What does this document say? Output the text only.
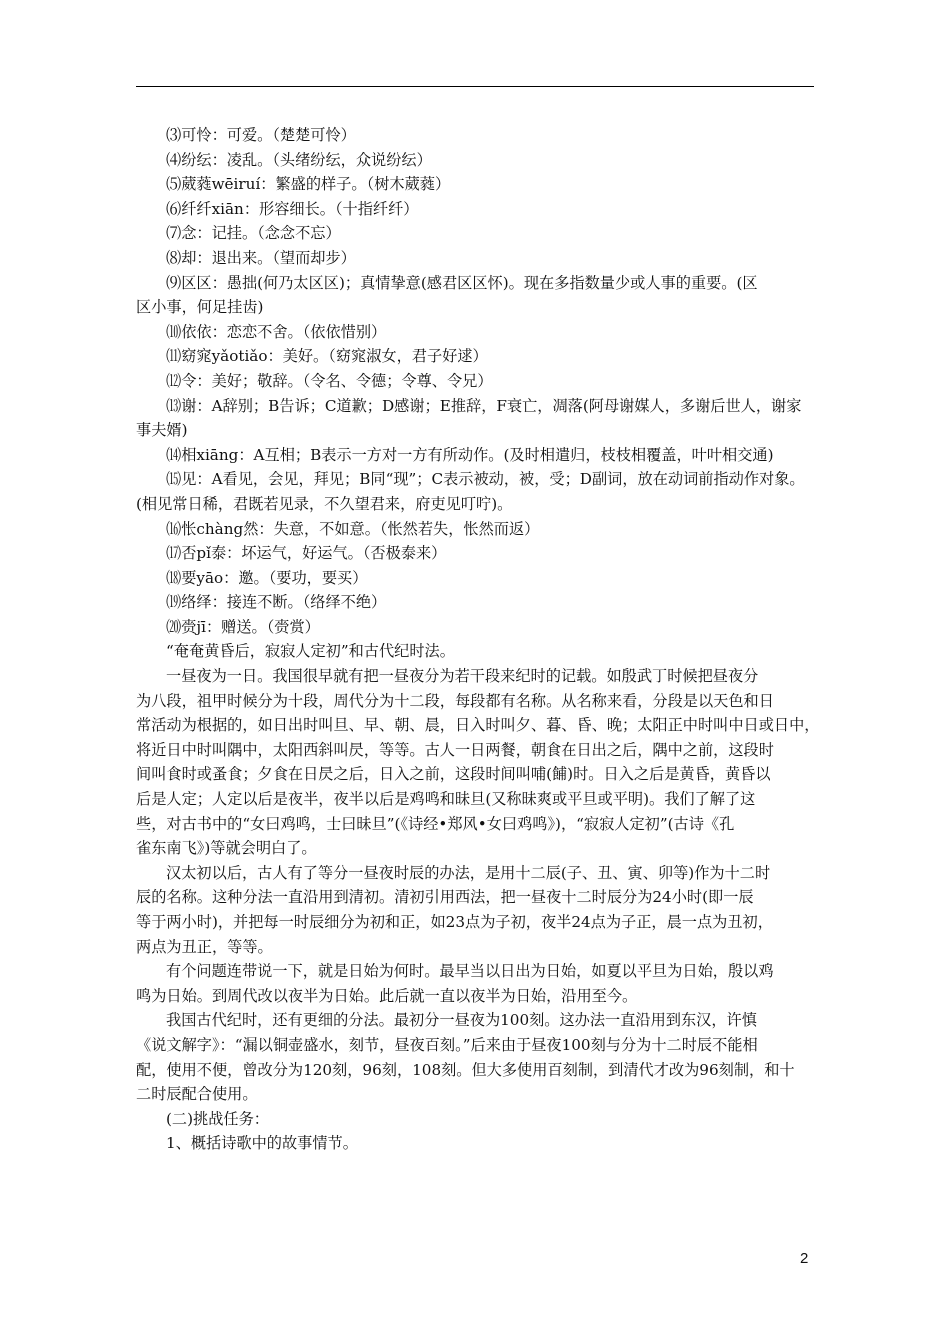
⑶可怜：可爱。（楚楚可怜）
⑷纷纭：凌乱。（头绪纷纭，众说纷纭）
⑸葳蕤wēiruí：繁盛的样子。（树木葳蕤）
⑹纤纤xiān：形容细长。（十指纤纤）
⑺念：记挂。（念念不忘）
⑻却：退出来。（望而却步）
⑼区区：愚拙(何乃太区区)；真情挚意(感君区区怀)。现在多指数量少或人事的重要。(区
区小事，何足挂齿)
⑽依依：恋恋不舍。（依依惜别）
⑾窈窕yǎotiǎo：美好。（窈窕淑女，君子好逑）
⑿令：美好；敬辞。（令名、令德；令尊、令兄）
⒀谢：A辞别；B告诉；C道歉；D感谢；E推辞，F衰亡，凋落(阿母谢媒人，多谢后世人，谢家
事夫婿)
⒁相xiāng：A互相；B表示一方对一方有所动作。(及时相遣归，枝枝相覆盖，叶叶相交通)
⒂见：A看见，会见，拜见；B同“现”；C表示被动，被，受；D副词，放在动词前指动作对象。
(相见常日稀，君既若见录，不久望君来，府吏见叮咛)。
⒃怅chàng然：失意，不如意。（怅然若失，怅然而返）
⒄否pǐ泰：坏运气，好运气。（否极泰来）
⒅要yāo：邀。（要功，要买）
⒆络绎：接连不断。（络绎不绝）
⒇赍jī：赠送。（赍赏）
“奄奄黄昏后，寂寂人定初”和古代纪时法。
一昼夜为一日。我国很早就有把一昼夜分为若干段来纪时的记载。如殷武丁时候把昼夜分
为八段，祖甲时候分为十段，周代分为十二段，每段都有名称。从名称来看，分段是以天色和日
常活动为根据的，如日出时叫旦、早、朝、晨，日入时叫夕、暮、昏、晚；太阳正中时叫中日或日中，
将近日中时叫隅中，太阳西斜叫昃，等等。古人一日两餐，朝食在日出之后，隅中之前，这段时
间叫食时或蚤食；夕食在日昃之后，日入之前，这段时间叫哺(餔)时。日入之后是黄昏，黄昏以
后是人定；人定以后是夜半，夜半以后是鸡鸣和昧旦(又称昧爽或平旦或平明)。我们了解了这
些，对古书中的“女曰鸡鸣，士曰昧旦”(《诗经•郑风•女曰鸡鸣》)，“寂寂人定初”(古诗《孔
雀东南飞》)等就会明白了。
汉太初以后，古人有了等分一昼夜时辰的办法，是用十二辰(子、丑、寅、卯等)作为十二时
辰的名称。这种分法一直沿用到清初。清初引用西法，把一昼夜十二时辰分为24小时(即一辰
等于两小时)，并把每一时辰细分为初和正，如23点为子初，夜半24点为子正，晨一点为丑初，
两点为丑正，等等。
有个问题连带说一下，就是日始为何时。最早当以日出为日始，如夏以平旦为日始，殷以鸡
鸣为日始。到周代改以夜半为日始。此后就一直以夜半为日始，沿用至今。
我国古代纪时，还有更细的分法。最初分一昼夜为100刻。这办法一直沿用到东汉，许慎
《说文解字》：“漏以铜壶盛水，刻节，昼夜百刻。”后来由于昼夜100刻与分为十二时辰不能相
配，使用不便，曾改分为120刻，96刻，108刻。但大多使用百刻制，到清代才改为96刻制，和十
二时辰配合使用。
(二)挑战任务：
1、概括诗歌中的故事情节。
2
